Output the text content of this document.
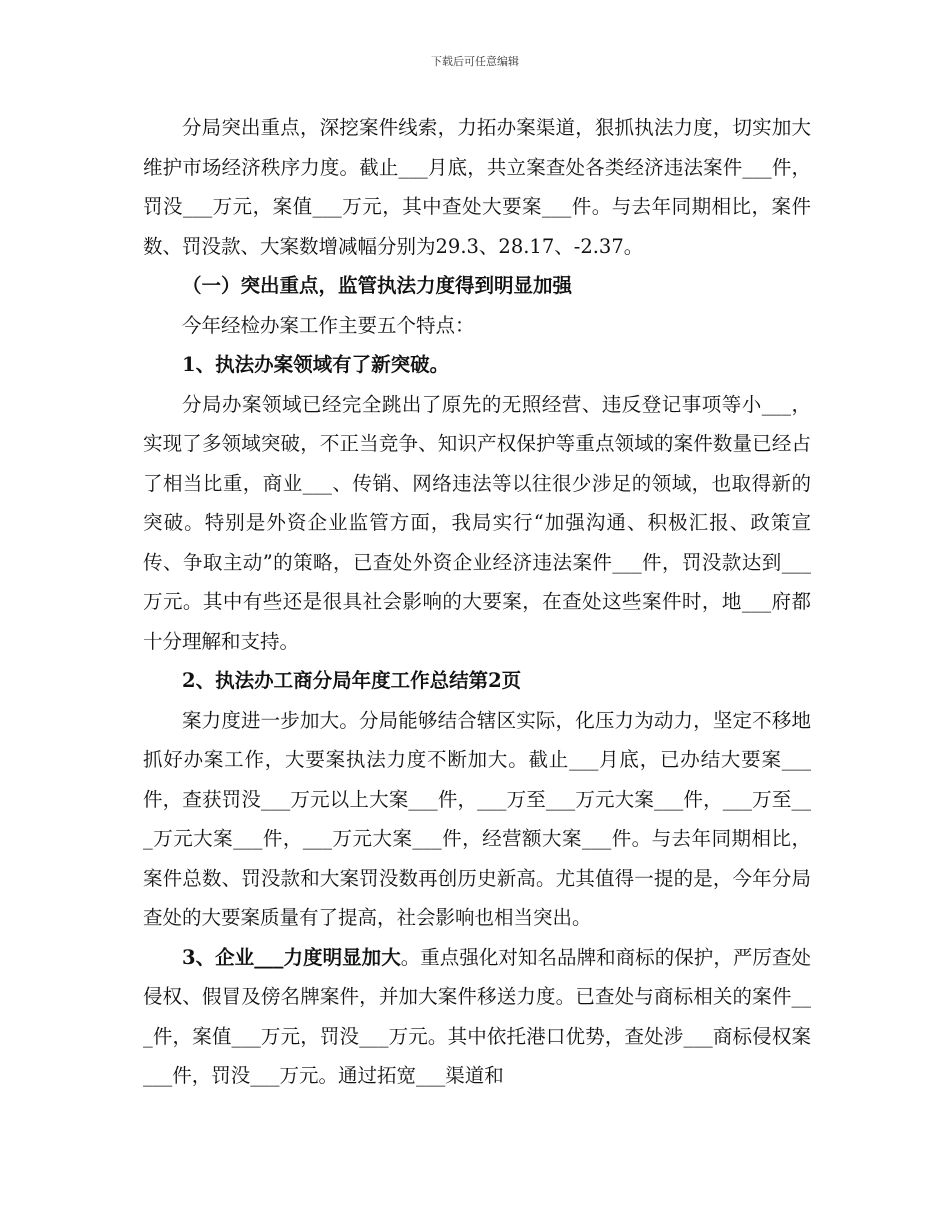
下载后可任意编辑

分局突出重点，深挖案件线索，力拓办案渠道，狠抓执法力度，切实加大维护市场经济秩序力度。截止___月底，共立案查处各类经济违法案件___件，罚没___万元，案值___万元，其中查处大要案___件。与去年同期相比，案件数、罚没款、大案数增减幅分别为29.3、28.17、-2.37。

（一）突出重点，监管执法力度得到明显加强

今年经检办案工作主要五个特点：

1、执法办案领域有了新突破。

分局办案领域已经完全跳出了原先的无照经营、违反登记事项等小___，实现了多领域突破，不正当竞争、知识产权保护等重点领域的案件数量已经占了相当比重，商业___、传销、网络违法等以往很少涉足的领域，也取得新的突破。特别是外资企业监管方面，我局实行“加强沟通、积极汇报、政策宣传、争取主动”的策略，已查处外资企业经济违法案件___件，罚没款达到___万元。其中有些还是很具社会影响的大要案，在查处这些案件时，地___府都十分理解和支持。

2、执法办工商分局年度工作总结第2页

案力度进一步加大。分局能够结合辖区实际，化压力为动力，坚定不移地抓好办案工作，大要案执法力度不断加大。截止___月底，已办结大要案___件，查获罚没___万元以上大案___件，___万至___万元大案___件，___万至___万元大案___件，___万元大案___件，经营额大案___件。与去年同期相比，案件总数、罚没款和大案罚没数再创历史新高。尤其值得一提的是，今年分局查处的大要案质量有了提高，社会影响也相当突出。

3、企业___力度明显加大。重点强化对知名品牌和商标的保护，严厉查处侵权、假冒及傍名牌案件，并加大案件移送力度。已查处与商标相关的案件___件，案值___万元，罚没___万元。其中依托港口优势，查处涉___商标侵权案___件，罚没___万元。通过拓宽___渠道和
